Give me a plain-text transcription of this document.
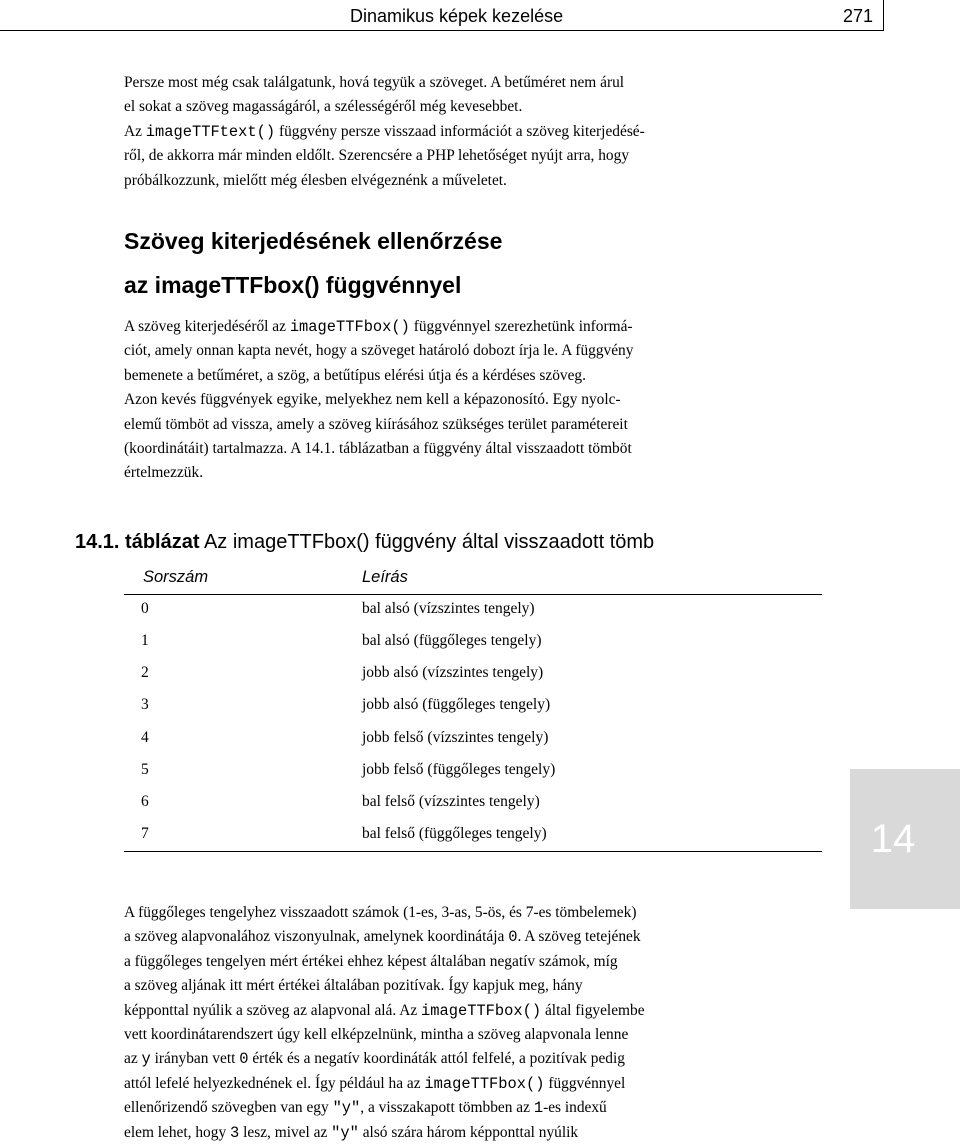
Dinamikus képek kezelése	271
Persze most még csak találgatunk, hová tegyük a szöveget. A betűméret nem árul
el sokat a szöveg magasságáról, a szélességéről még kevesebbet.
Az imageTTFtext() függvény persze visszaad információt a szöveg kiterjedésé-
ről, de akkorra már minden eldőlt. Szerencsére a PHP lehetőséget nyújt arra, hogy
próbálkozzunk, mielőtt még élesben elvégeznénk a műveletet.
Szöveg kiterjedésének ellenőrzése
az imageTTFbox() függvénnyel
A szöveg kiterjedéséről az imageTTFbox() függvénnyel szerezhetünk informá-
ciót, amely onnan kapta nevét, hogy a szöveget határoló dobozt írja le. A függvény
bemenete a betűméret, a szög, a betűtípus elérési útja és a kérdéses szöveg.
Azon kevés függvények egyike, melyekhez nem kell a képazonosító. Egy nyolc-
elemű tömböt ad vissza, amely a szöveg kiírásához szükséges terület paramétereit
(koordinátáit) tartalmazza. A 14.1. táblázatban a függvény által visszaadott tömböt
értelmezzük.
14.1. táblázat Az imageTTFbox() függvény által visszaadott tömb
Sorszám	Leírás
0	bal alsó (vízszintes tengely)
1	bal alsó (függőleges tengely)
2	jobb alsó (vízszintes tengely)
3	jobb alsó (függőleges tengely)
4	jobb felső (vízszintes tengely)
5	jobb felső (függőleges tengely)
6	bal felső (vízszintes tengely)
7	bal felső (függőleges tengely)	14
A függőleges tengelyhez visszaadott számok (1-es, 3-as, 5-ös, és 7-es tömbelemek)
a szöveg alapvonalához viszonyulnak, amelynek koordinátája 0. A szöveg tetejének
a függőleges tengelyen mért értékei ehhez képest általában negatív számok, míg
a szöveg aljának itt mért értékei általában pozitívak. Így kapjuk meg, hány
képponttal nyúlik a szöveg az alapvonal alá. Az imageTTFbox() által figyelembe
vett koordinátarendszert úgy kell elképzelnünk, mintha a szöveg alapvonala lenne
az y irányban vett 0 érték és a negatív koordináták attól felfelé, a pozitívak pedig
attól lefelé helyezkednének el. Így például ha az imageTTFbox() függvénnyel
ellenőrizendő szövegben van egy "y", a visszakapott tömbben az 1-es indexű
elem lehet, hogy 3 lesz, mivel az "y" alsó szára három képponttal nyúlik
